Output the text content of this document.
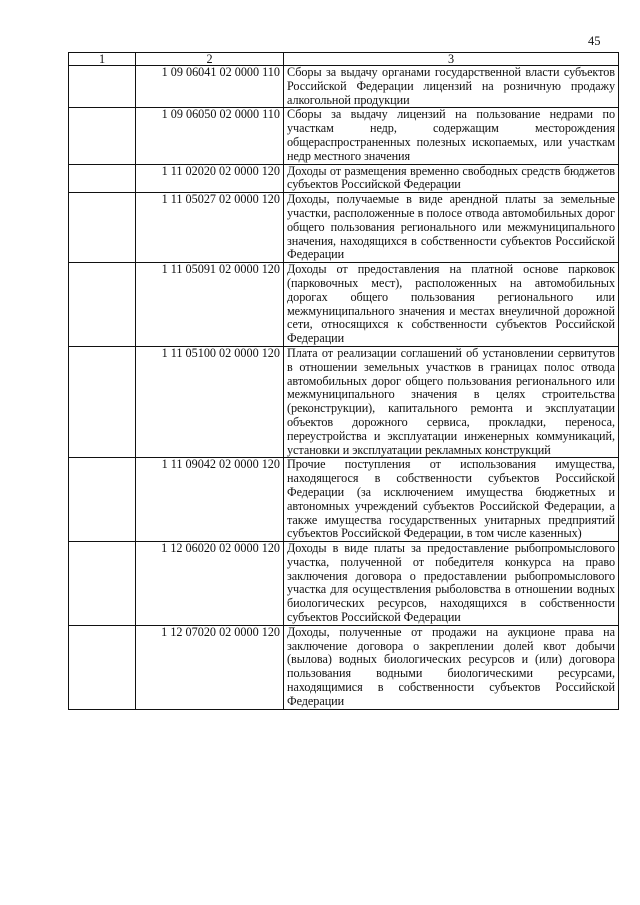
45
1	2	3
	1 09 06041 02 0000 110	Сборы за выдачу органами государственной власти субъектов Российской Федерации лицензий на розничную продажу алкогольной продукции
	1 09 06050 02 0000 110	Сборы за выдачу лицензий на пользование недрами по участкам недр, содержащим месторождения общераспространенных полезных ископаемых, или участкам недр местного значения
	1 11 02020 02 0000 120	Доходы от размещения временно свободных средств бюджетов субъектов Российской Федерации
	1 11 05027 02 0000 120	Доходы, получаемые в виде арендной платы за земельные участки, расположенные в полосе отвода автомобильных дорог общего пользования регионального или межмуниципального значения, находящихся в собственности субъектов Российской Федерации
	1 11 05091 02 0000 120	Доходы от предоставления на платной основе парковок (парковочных мест), расположенных на автомобильных дорогах общего пользования регионального или межмуниципального значения и местах внеуличной дорожной сети, относящихся к собственности субъектов Российской Федерации
	1 11 05100 02 0000 120	Плата от реализации соглашений об установлении сервитутов в отношении земельных участков в границах полос отвода автомобильных дорог общего пользования регионального или межмуниципального значения в целях строительства (реконструкции), капитального ремонта и эксплуатации объектов дорожного сервиса, прокладки, переноса, переустройства и эксплуатации инженерных коммуникаций, установки и эксплуатации рекламных конструкций
	1 11 09042 02 0000 120	Прочие поступления от использования имущества, находящегося в собственности субъектов Российской Федерации (за исключением имущества бюджетных и автономных учреждений субъектов Российской Федерации, а также имущества государственных унитарных предприятий субъектов Российской Федерации, в том числе казенных)
	1 12 06020 02 0000 120	Доходы в виде платы за предоставление рыбопромыслового участка, полученной от победителя конкурса на право заключения договора о предоставлении рыбопромыслового участка для осуществления рыболовства в отношении водных биологических ресурсов, находящихся в собственности субъектов Российской Федерации
	1 12 07020 02 0000 120	Доходы, полученные от продажи на аукционе права на заключение договора о закреплении долей квот добычи (вылова) водных биологических ресурсов и (или) договора пользования водными биологическими ресурсами, находящимися в собственности субъектов Российской Федерации
